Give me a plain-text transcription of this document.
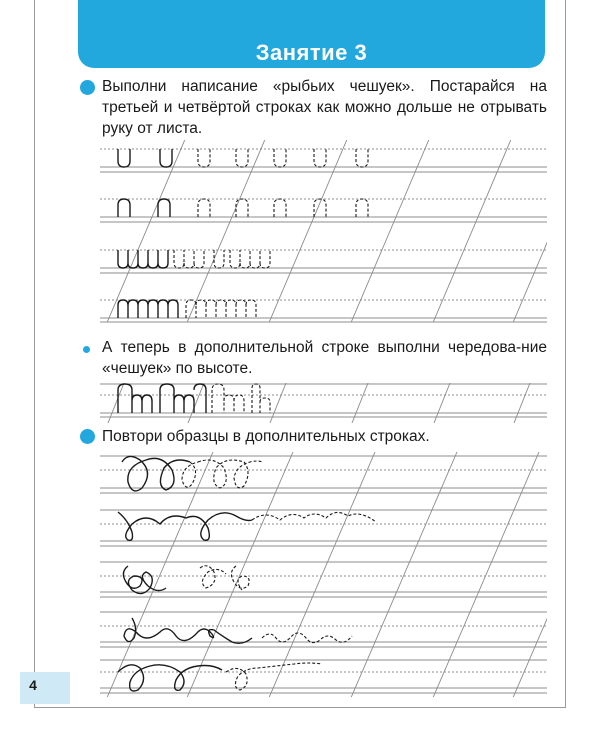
Занятие 3
Выполни написание «рыбьих чешуек». Постарайся на третьей и четвёртой строках как можно дольше не отрывать руку от листа.
А теперь в дополнительной строке выполни чередова-ние «чешуек» по высоте.
Повтори образцы в дополнительных строках.
4
